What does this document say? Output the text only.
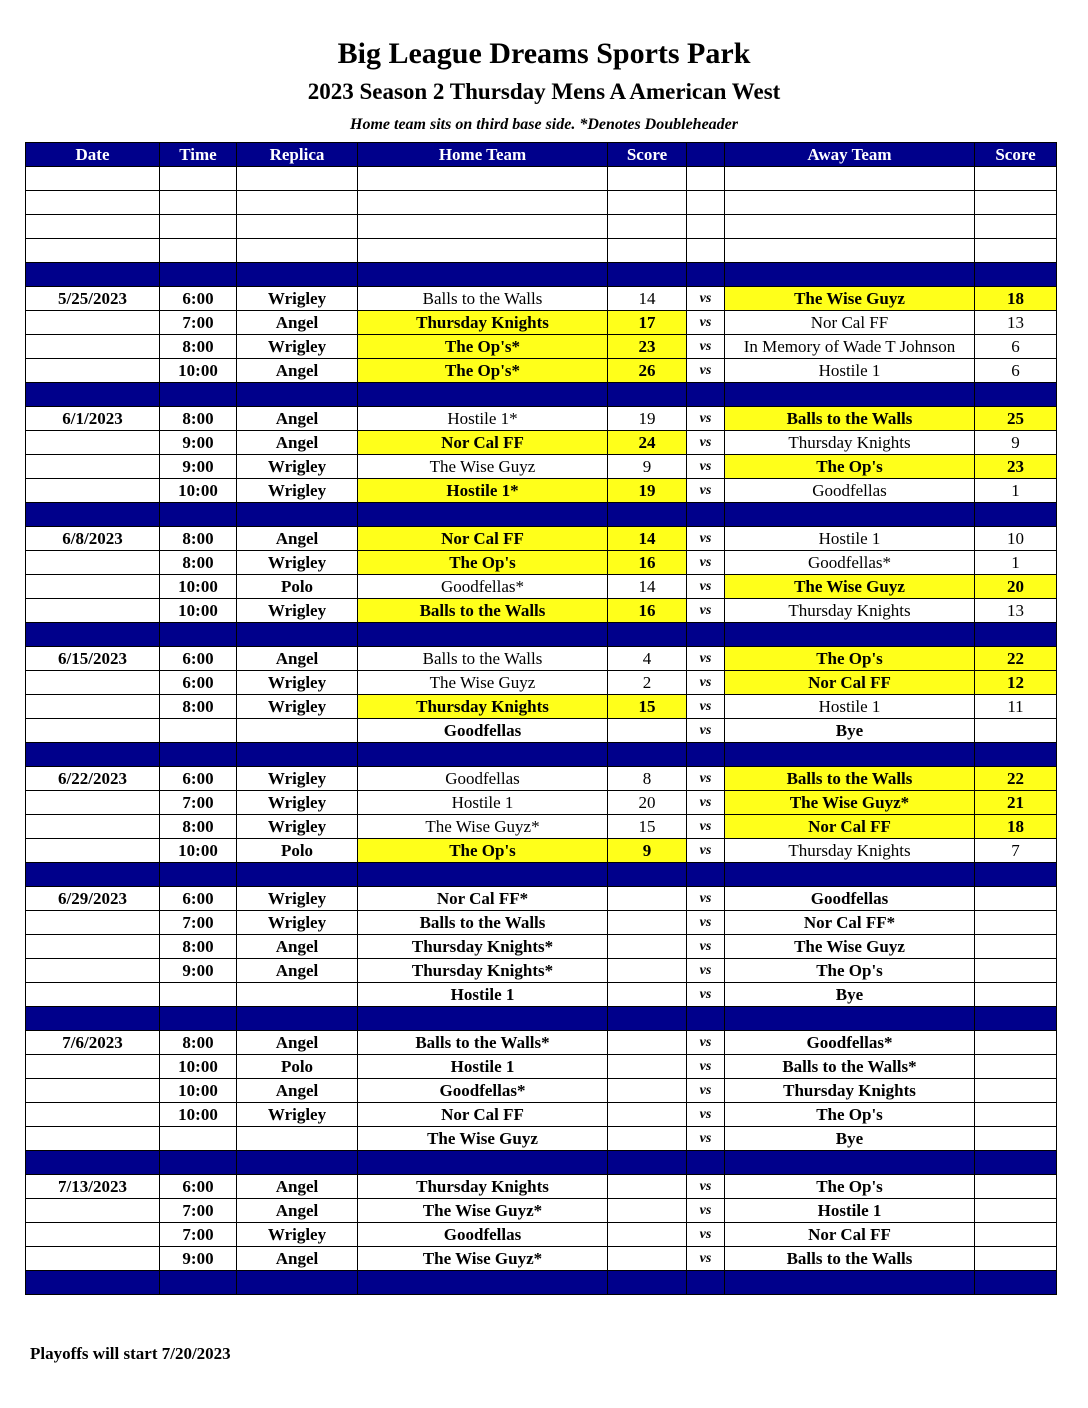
Big League Dreams Sports Park
2023 Season 2 Thursday Mens A American West
Home team sits on third base side. *Denotes Doubleheader
Date	Time	Replica	Home Team	Score		Away Team	Score

5/25/2023	6:00	Wrigley	Balls to the Walls	14	vs	The Wise Guyz	18
	7:00	Angel	Thursday Knights	17	vs	Nor Cal FF	13
	8:00	Wrigley	The Op's*	23	vs	In Memory of Wade T Johnson	6
	10:00	Angel	The Op's*	26	vs	Hostile 1	6

6/1/2023	8:00	Angel	Hostile 1*	19	vs	Balls to the Walls	25
	9:00	Angel	Nor Cal FF	24	vs	Thursday Knights	9
	9:00	Wrigley	The Wise Guyz	9	vs	The Op's	23
	10:00	Wrigley	Hostile 1*	19	vs	Goodfellas	1

6/8/2023	8:00	Angel	Nor Cal FF	14	vs	Hostile 1	10
	8:00	Wrigley	The Op's	16	vs	Goodfellas*	1
	10:00	Polo	Goodfellas*	14	vs	The Wise Guyz	20
	10:00	Wrigley	Balls to the Walls	16	vs	Thursday Knights	13

6/15/2023	6:00	Angel	Balls to the Walls	4	vs	The Op's	22
	6:00	Wrigley	The Wise Guyz	2	vs	Nor Cal FF	12
	8:00	Wrigley	Thursday Knights	15	vs	Hostile 1	11
			Goodfellas		vs	Bye	

6/22/2023	6:00	Wrigley	Goodfellas	8	vs	Balls to the Walls	22
	7:00	Wrigley	Hostile 1	20	vs	The Wise Guyz*	21
	8:00	Wrigley	The Wise Guyz*	15	vs	Nor Cal FF	18
	10:00	Polo	The Op's	9	vs	Thursday Knights	7

6/29/2023	6:00	Wrigley	Nor Cal FF*		vs	Goodfellas	
	7:00	Wrigley	Balls to the Walls		vs	Nor Cal FF*	
	8:00	Angel	Thursday Knights*		vs	The Wise Guyz	
	9:00	Angel	Thursday Knights*		vs	The Op's	
			Hostile 1		vs	Bye	

7/6/2023	8:00	Angel	Balls to the Walls*		vs	Goodfellas*	
	10:00	Polo	Hostile 1		vs	Balls to the Walls*	
	10:00	Angel	Goodfellas*		vs	Thursday Knights	
	10:00	Wrigley	Nor Cal FF		vs	The Op's	
			The Wise Guyz		vs	Bye	

7/13/2023	6:00	Angel	Thursday Knights		vs	The Op's	
	7:00	Angel	The Wise Guyz*		vs	Hostile 1	
	7:00	Wrigley	Goodfellas		vs	Nor Cal FF	
	9:00	Angel	The Wise Guyz*		vs	Balls to the Walls	

Playoffs will start 7/20/2023
